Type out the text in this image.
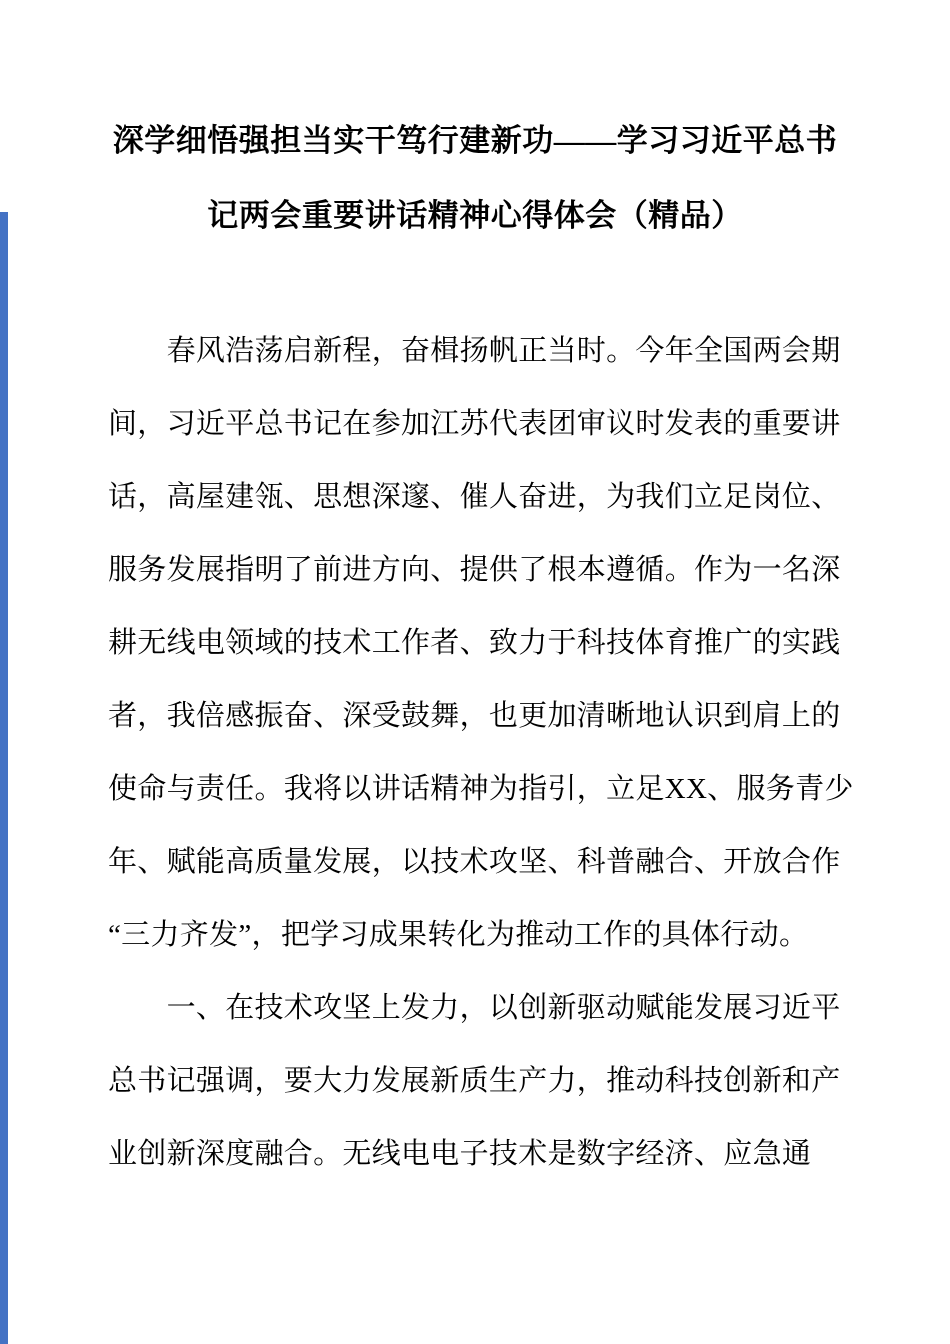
深学细悟强担当实干笃行建新功——学习习近平总书
记两会重要讲话精神心得体会（精品）
　　春风浩荡启新程，奋楫扬帆正当时。今年全国两会期
间，习近平总书记在参加江苏代表团审议时发表的重要讲
话，高屋建瓴、思想深邃、催人奋进，为我们立足岗位、
服务发展指明了前进方向、提供了根本遵循。作为一名深
耕无线电领域的技术工作者、致力于科技体育推广的实践
者，我倍感振奋、深受鼓舞，也更加清晰地认识到肩上的
使命与责任。我将以讲话精神为指引，立足XX、服务青少
年、赋能高质量发展，以技术攻坚、科普融合、开放合作
“三力齐发”，把学习成果转化为推动工作的具体行动。
　　一、在技术攻坚上发力，以创新驱动赋能发展习近平
总书记强调，要大力发展新质生产力，推动科技创新和产
业创新深度融合。无线电电子技术是数字经济、应急通
